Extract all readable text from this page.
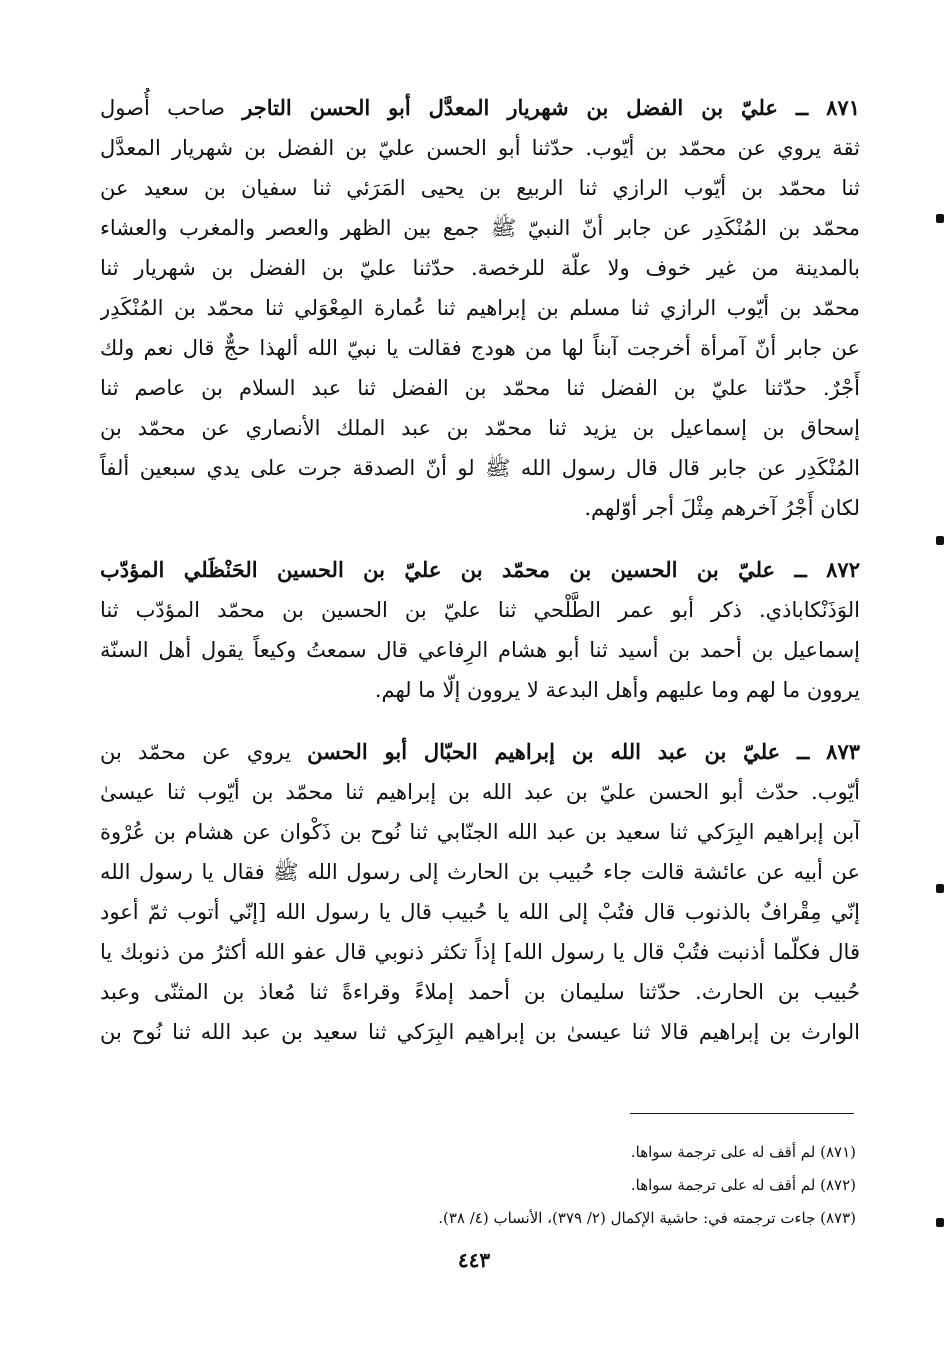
٨٧١ ــ عليّ بن الفضل بن شهريار المعدَّل أبو الحسن التاجر صاحب أُصول
ثقة يروي عن محمّد بن أيّوب. حدّثنا أبو الحسن عليّ بن الفضل بن شهريار المعدَّل
ثنا محمّد بن أيّوب الرازي ثنا الربيع بن يحيى المَرَئي ثنا سفيان بن سعيد عن
محمّد بن المُنْكَدِر عن جابر أنّ النبيّ ﷺ جمع بين الظهر والعصر والمغرب والعشاء
بالمدينة من غير خوف ولا علّة للرخصة. حدّثنا عليّ بن الفضل بن شهريار ثنا
محمّد بن أيّوب الرازي ثنا مسلم بن إبراهيم ثنا عُمارة المِعْوَلي ثنا محمّد بن المُنْكَدِر
عن جابر أنّ آمرأة أخرجت آبناً لها من هودج فقالت يا نبيّ الله ألهذا حجٌّ قال نعم ولك
أَجْرٌ. حدّثنا عليّ بن الفضل ثنا محمّد بن الفضل ثنا عبد السلام بن عاصم ثنا
إسحاق بن إسماعيل بن يزيد ثنا محمّد بن عبد الملك الأنصاري عن محمّد بن
المُنْكَدِر عن جابر قال قال رسول الله ﷺ لو أنّ الصدقة جرت على يدي سبعين ألفاً
لكان أَجْرُ آخرهم مِثْلَ أجر أوّلهم.
٨٧٢ ــ عليّ بن الحسين بن محمّد بن عليّ بن الحسين الحَنْظَلي المؤدّب
الوَذَنْكاباذي. ذكر أبو عمر الطَّلْحي ثنا عليّ بن الحسين بن محمّد المؤدّب ثنا
إسماعيل بن أحمد بن أسيد ثنا أبو هشام الرِفاعي قال سمعتُ وكيعاً يقول أهل السنّة
يروون ما لهم وما عليهم وأهل البدعة لا يروون إلّا ما لهم.
٨٧٣ ــ عليّ بن عبد الله بن إبراهيم الحبّال أبو الحسن يروي عن محمّد بن
أيّوب. حدّث أبو الحسن عليّ بن عبد الله بن إبراهيم ثنا محمّد بن أيّوب ثنا عيسىٰ
آبن إبراهيم البِرَكي ثنا سعيد بن عبد الله الجنّابي ثنا نُوح بن ذَكْوان عن هشام بن عُرْوة
عن أبيه عن عائشة قالت جاء حُبيب بن الحارث إلى رسول الله ﷺ فقال يا رسول الله
إنّي مِقْرافٌ بالذنوب قال فتُبْ إلى الله يا حُبيب قال يا رسول الله [إنّي أتوب ثمّ أعود
قال فكلّما أذنبت فتُبْ قال يا رسول الله] إذاً تكثر ذنوبي قال عفو الله أكثرُ من ذنوبك يا
حُبيب بن الحارث. حدّثنا سليمان بن أحمد إملاءً وقراءةً ثنا مُعاذ بن المثنّى وعبد
الوارث بن إبراهيم قالا ثنا عيسىٰ بن إبراهيم البِرَكي ثنا سعيد بن عبد الله ثنا نُوح بن
(٨٧١) لم أقف له على ترجمة سواها.
(٨٧٢) لم أقف له على ترجمة سواها.
(٨٧٣) جاءت ترجمته في: حاشية الإكمال (٢/ ٣٧٩)، الأنساب (٤/ ٣٨).
٤٤٣
